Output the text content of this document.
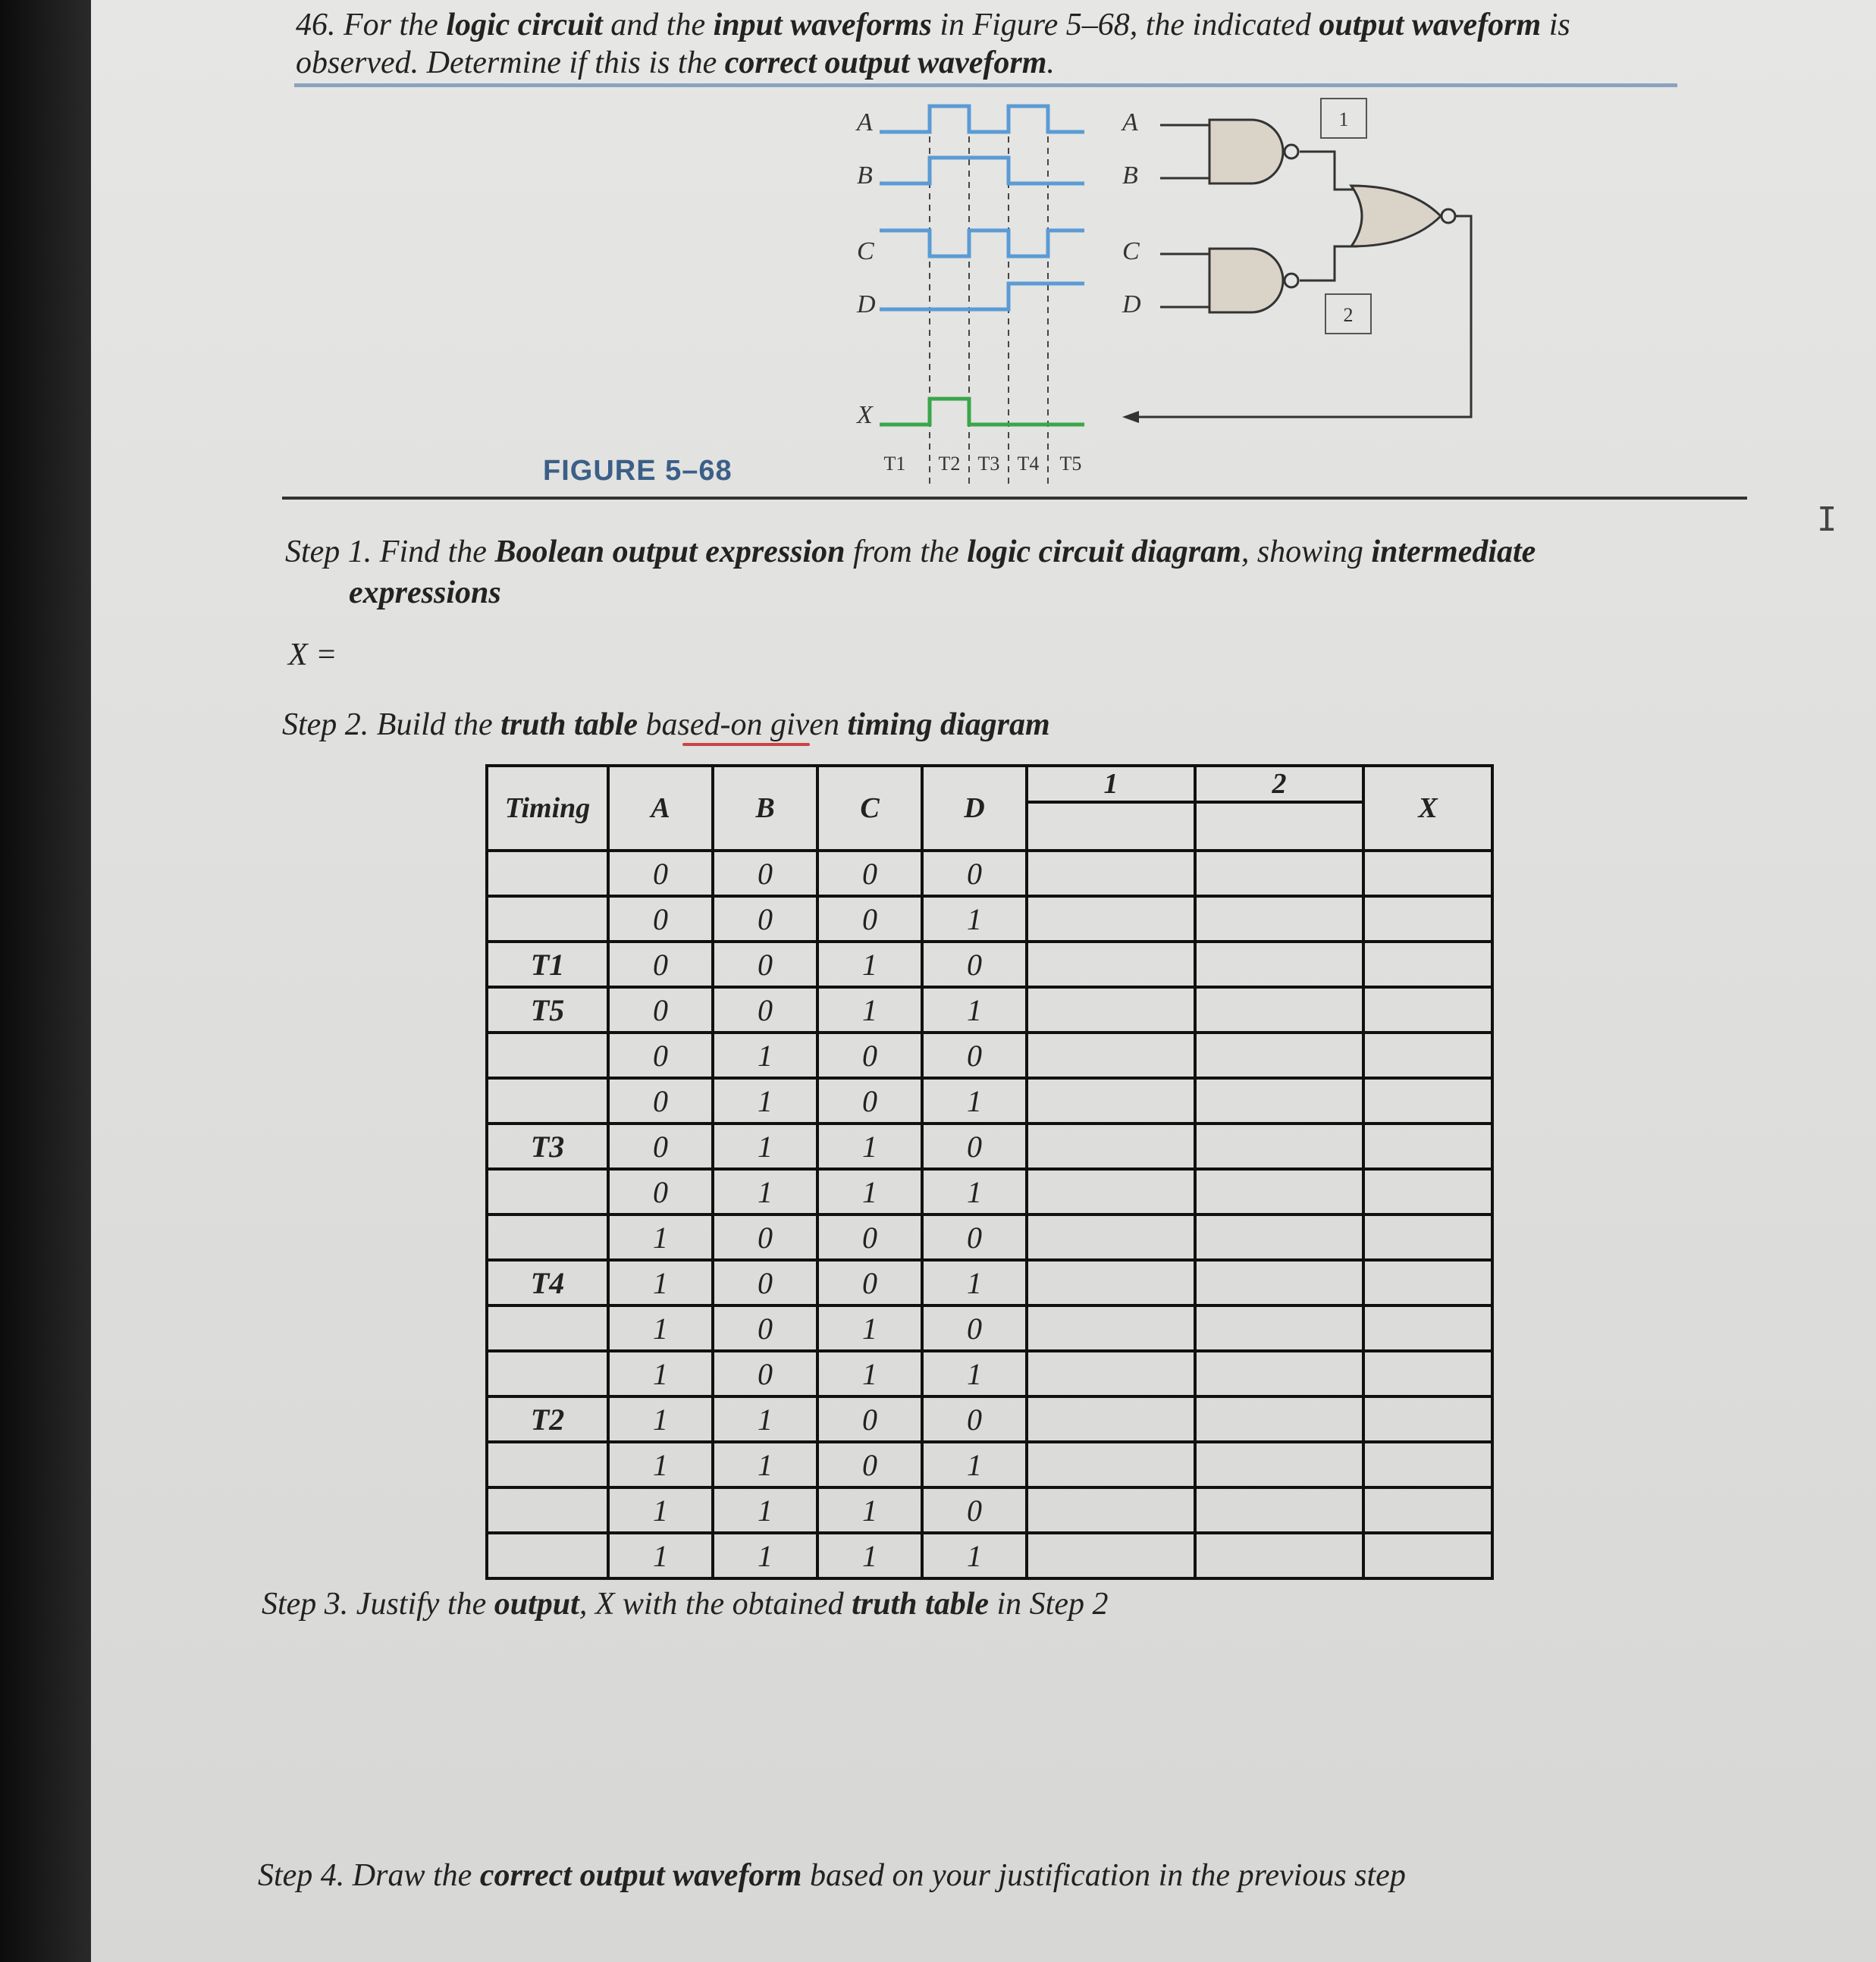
46. For the logic circuit and the input waveforms in Figure 5–68, the indicated output waveform is
observed. Determine if this is the correct output waveform.
A
B
C
D
X
T1 T2 T3 T4 T5
A
B
C
D
1
2
FIGURE 5–68
Step 1. Find the Boolean output expression from the logic circuit diagram, showing intermediate
expressions
X =
Step 2. Build the truth table based-on given timing diagram
Timing	A	B	C	D	1	2	X
	0	0	0	0			
	0	0	0	1			
T1	0	0	1	0			
T5	0	0	1	1			
	0	1	0	0			
	0	1	0	1			
T3	0	1	1	0			
	0	1	1	1			
	1	0	0	0			
T4	1	0	0	1			
	1	0	1	0			
	1	0	1	1			
T2	1	1	0	0			
	1	1	0	1			
	1	1	1	0			
	1	1	1	1			
Step 3. Justify the output, X with the obtained truth table in Step 2
Step 4. Draw the correct output waveform based on your justification in the previous step
I
